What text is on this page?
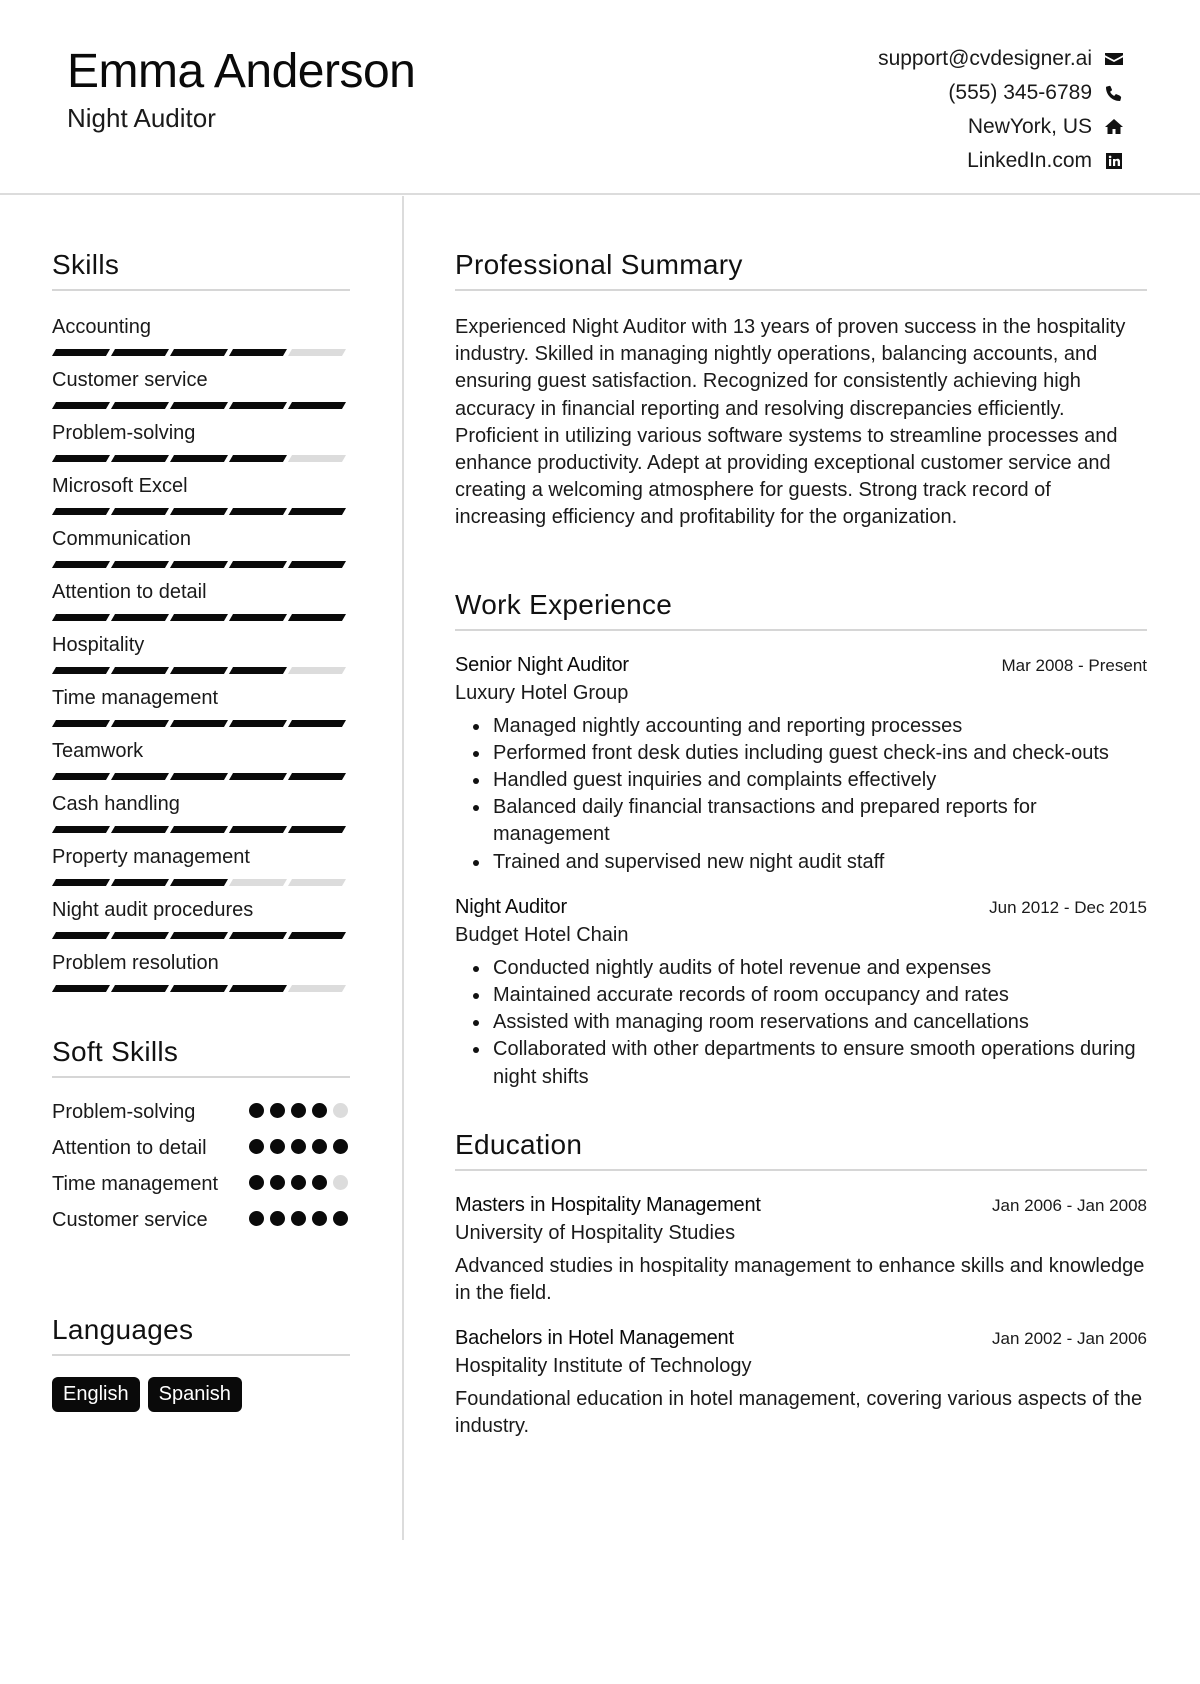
Emma Anderson
Night Auditor
support@cvdesigner.ai
(555) 345-6789
NewYork, US
LinkedIn.com
Skills
Accounting
Customer service
Problem-solving
Microsoft Excel
Communication
Attention to detail
Hospitality
Time management
Teamwork
Cash handling
Property management
Night audit procedures
Problem resolution
Soft Skills
Problem-solving
Attention to detail
Time management
Customer service
Languages
English	Spanish
Professional Summary
Experienced Night Auditor with 13 years of proven success in the hospitality industry. Skilled in managing nightly operations, balancing accounts, and ensuring guest satisfaction. Recognized for consistently achieving high accuracy in financial reporting and resolving discrepancies efficiently. Proficient in utilizing various software systems to streamline processes and enhance productivity. Adept at providing exceptional customer service and creating a welcoming atmosphere for guests. Strong track record of increasing efficiency and profitability for the organization.
Work Experience
Senior Night Auditor	Mar 2008 - Present
Luxury Hotel Group
Managed nightly accounting and reporting processes
Performed front desk duties including guest check-ins and check-outs
Handled guest inquiries and complaints effectively
Balanced daily financial transactions and prepared reports for management
Trained and supervised new night audit staff
Night Auditor	Jun 2012 - Dec 2015
Budget Hotel Chain
Conducted nightly audits of hotel revenue and expenses
Maintained accurate records of room occupancy and rates
Assisted with managing room reservations and cancellations
Collaborated with other departments to ensure smooth operations during night shifts
Education
Masters in Hospitality Management	Jan 2006 - Jan 2008
University of Hospitality Studies
Advanced studies in hospitality management to enhance skills and knowledge in the field.
Bachelors in Hotel Management	Jan 2002 - Jan 2006
Hospitality Institute of Technology
Foundational education in hotel management, covering various aspects of the industry.
